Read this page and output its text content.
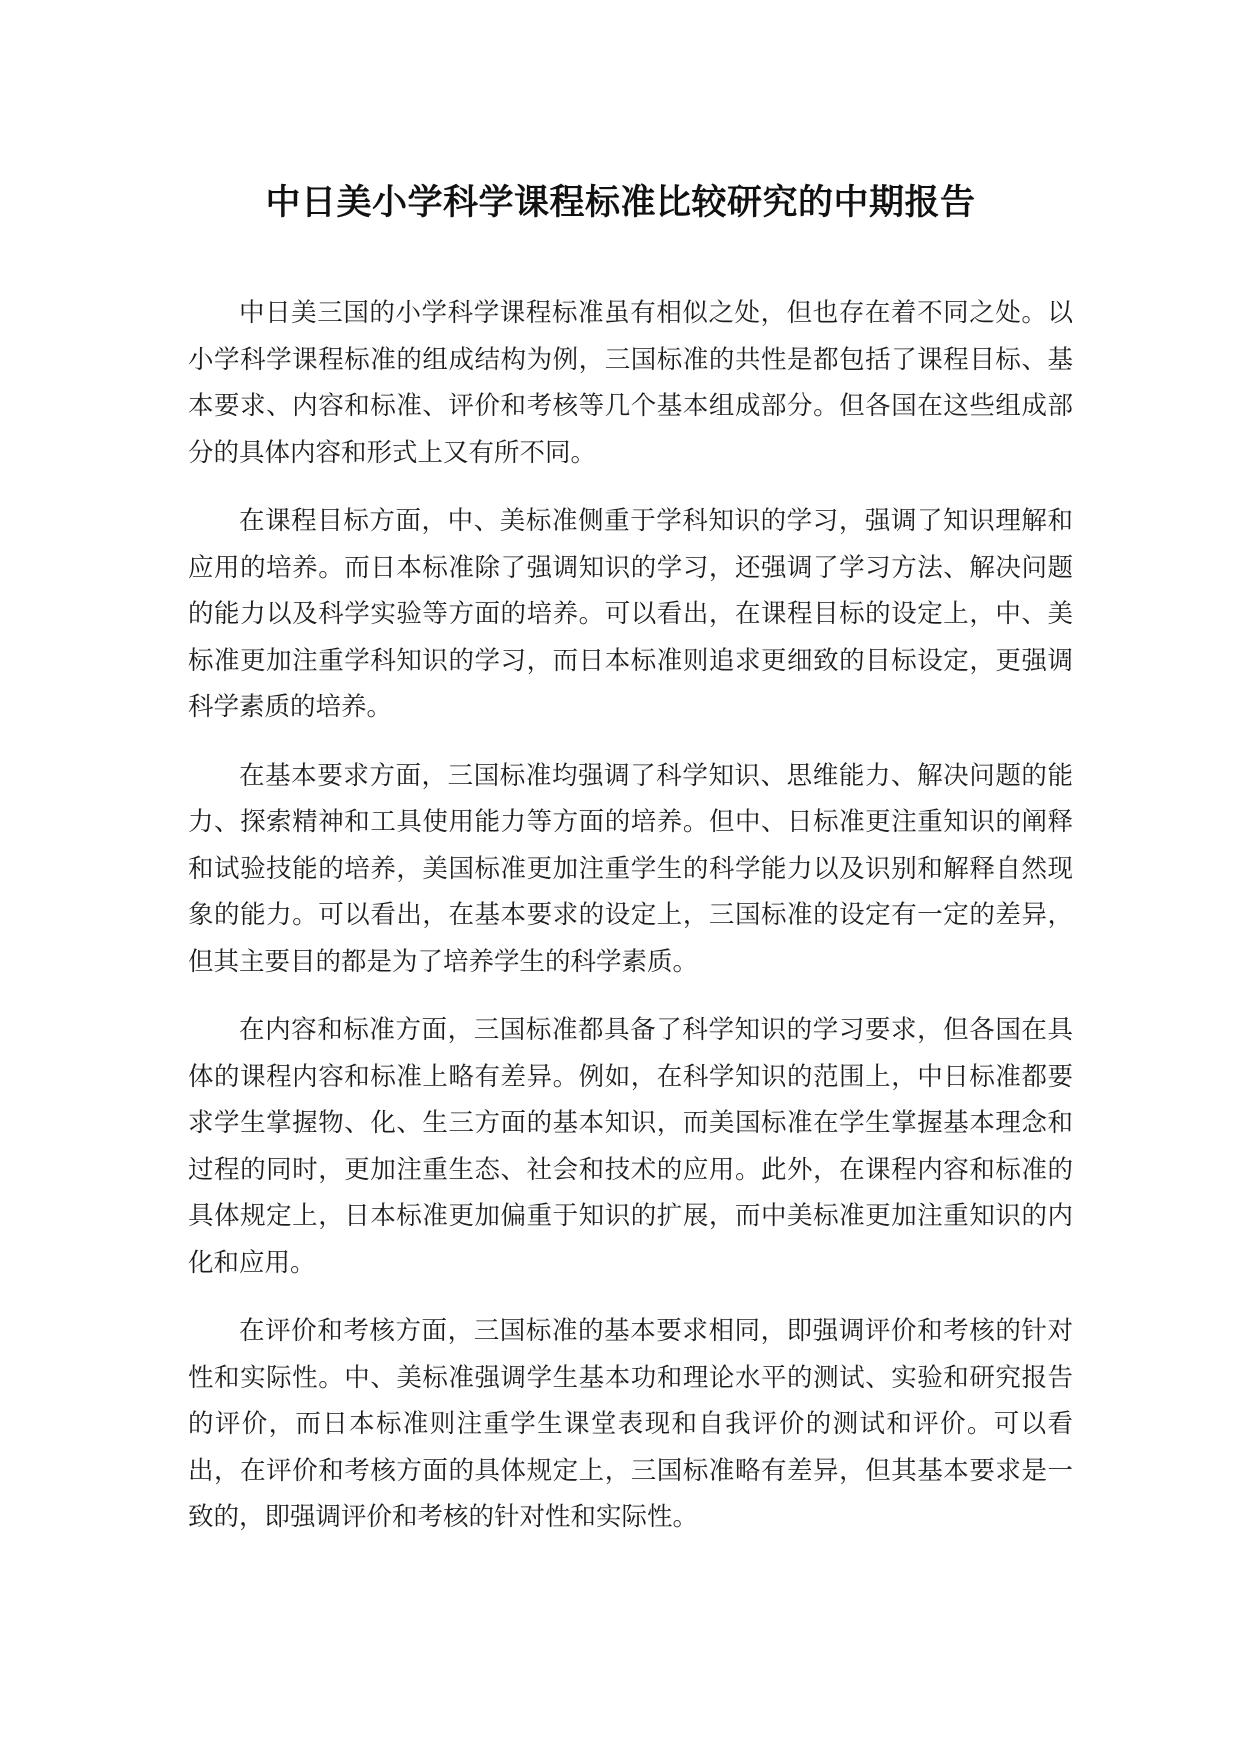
中日美小学科学课程标准比较研究的中期报告

中日美三国的小学科学课程标准虽有相似之处，但也存在着不同之处。以小学科学课程标准的组成结构为例，三国标准的共性是都包括了课程目标、基本要求、内容和标准、评价和考核等几个基本组成部分。但各国在这些组成部分的具体内容和形式上又有所不同。

在课程目标方面，中、美标准侧重于学科知识的学习，强调了知识理解和应用的培养。而日本标准除了强调知识的学习，还强调了学习方法、解决问题的能力以及科学实验等方面的培养。可以看出，在课程目标的设定上，中、美标准更加注重学科知识的学习，而日本标准则追求更细致的目标设定，更强调科学素质的培养。

在基本要求方面，三国标准均强调了科学知识、思维能力、解决问题的能力、探索精神和工具使用能力等方面的培养。但中、日标准更注重知识的阐释和试验技能的培养，美国标准更加注重学生的科学能力以及识别和解释自然现象的能力。可以看出，在基本要求的设定上，三国标准的设定有一定的差异，但其主要目的都是为了培养学生的科学素质。

在内容和标准方面，三国标准都具备了科学知识的学习要求，但各国在具体的课程内容和标准上略有差异。例如，在科学知识的范围上，中日标准都要求学生掌握物、化、生三方面的基本知识，而美国标准在学生掌握基本理念和过程的同时，更加注重生态、社会和技术的应用。此外，在课程内容和标准的具体规定上，日本标准更加偏重于知识的扩展，而中美标准更加注重知识的内化和应用。

在评价和考核方面，三国标准的基本要求相同，即强调评价和考核的针对性和实际性。中、美标准强调学生基本功和理论水平的测试、实验和研究报告的评价，而日本标准则注重学生课堂表现和自我评价的测试和评价。可以看出，在评价和考核方面的具体规定上，三国标准略有差异，但其基本要求是一致的，即强调评价和考核的针对性和实际性。
